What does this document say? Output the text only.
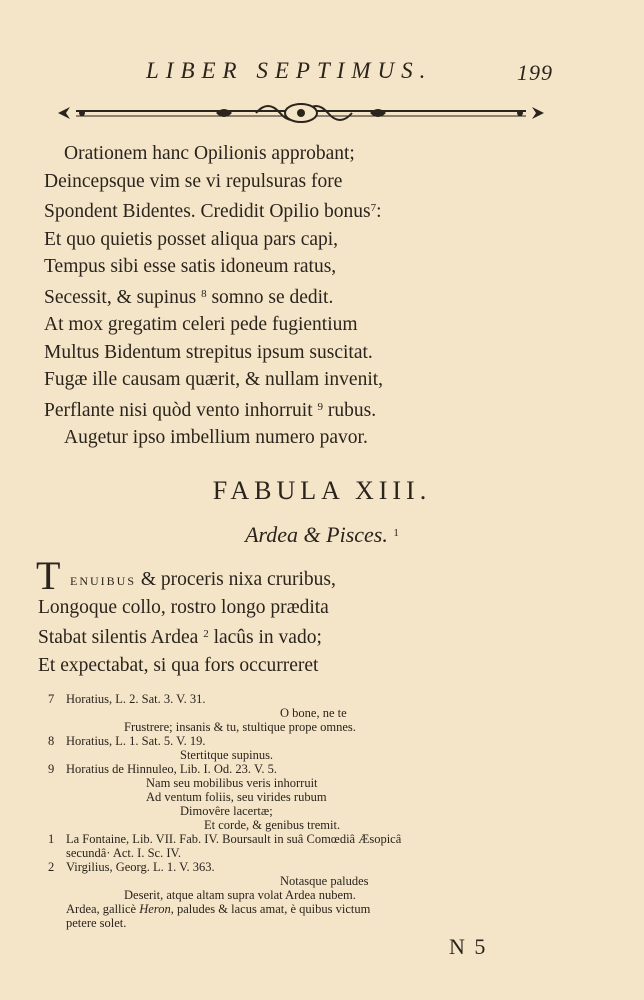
LIBER SEPTIMUS.	199
Orationem hanc Opilionis approbant;
Deincepsque vim se vi repulsuras fore
Spondent Bidentes. Credidit Opilio bonus$^7$:
Et quo quietis posset aliqua pars capi,
Tempus sibi esse satis idoneum ratus,
Secessit, & supinus $^8$ somno se dedit.
At mox gregatim celeri pede fugientium
Multus Bidentum strepitus ipsum suscitat.
Fugæ ille causam quærit, & nullam invenit,
Perflante nisi quòd vento inhorruit $^9$ rubus.
Augetur ipso imbellium numero pavor.
FABULA XIII.
Ardea & Pisces. $^1$
T enuibus & proceris nixa cruribus,
Longoque collo, rostro longo prædita
Stabat silentis Ardea $^2$ lacûs in vado;
Et expectabat, si qua fors occurreret
7 Horatius, L. 2. Sat. 3. V. 31.
O bone, ne te
Frustrere; insanis & tu, stultique prope omnes.
8 Horatius, L. 1. Sat. 5. V. 19.
Stertitque supinus.
9 Horatius de Hinnuleo, Lib. I. Od. 23. V. 5.
Nam seu mobilibus veris inhorruit
Ad ventum foliis, seu virides rubum
Dimovêre lacertæ;
Et corde, & genibus tremit.
1 La Fontaine, Lib. VII. Fab. IV. Boursault in suâ Comœdiâ Æsopicâ
secundâ· Act. I. Sc. IV.
2 Virgilius, Georg. L. 1. V. 363.
Notasque paludes
Deserit, atque altam supra volat Ardea nubem.
Ardea, gallicè Heron, paludes & lacus amat, è quibus victum
petere solet.
N 5
